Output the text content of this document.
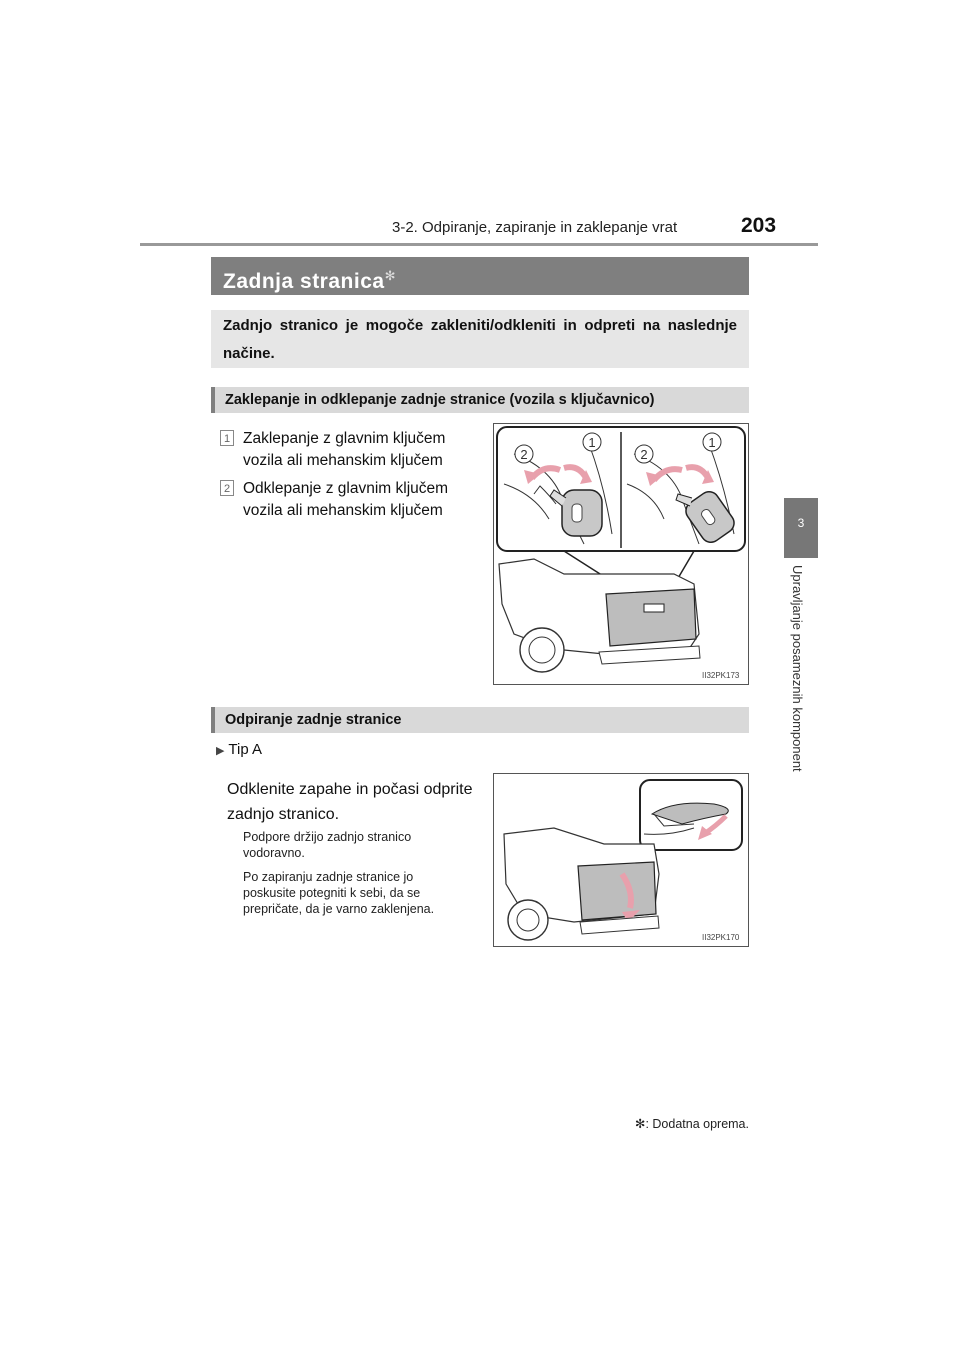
3-2. Odpiranje, zapiranje in zaklepanje vrat	203
3
Upravljanje posameznih komponent
Zadnja stranica✻
Zadnjo stranico je mogoče zakleniti/odkleniti in odpreti na naslednje načine.
Zaklepanje in odklepanje zadnje stranice (vozila s ključavnico)
1 Zaklepanje z glavnim ključem
vozila ali mehanskim ključem
2 Odklepanje z glavnim ključem
vozila ali mehanskim ključem
2
1
2
1
II32PK173
Odpiranje zadnje stranice
▶ Tip A
Odklenite zapahe in počasi odprite
zadnjo stranico.
Podpore držijo zadnjo stranico
vodoravno.
Po zapiranju zadnje stranice jo
poskusite potegniti k sebi, da se
prepričate, da je varno zaklenjena.
II32PK170
✻: Dodatna oprema.
